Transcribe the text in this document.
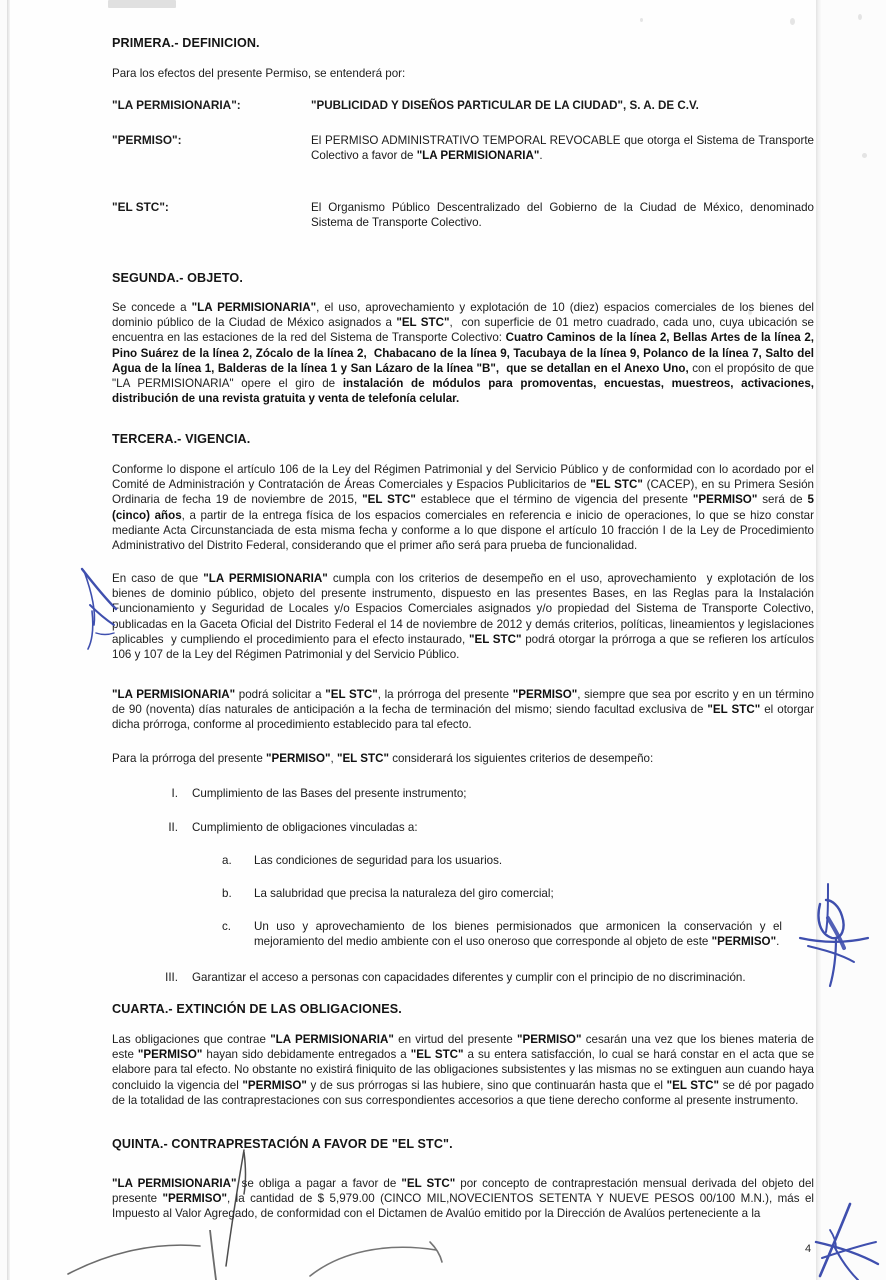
PRIMERA.- DEFINICION.
Para los efectos del presente Permiso, se entenderá por:
"LA PERMISIONARIA":	"PUBLICIDAD Y DISEÑOS PARTICULAR DE LA CIUDAD", S. A. DE C.V.
"PERMISO":	El PERMISO ADMINISTRATIVO TEMPORAL REVOCABLE que otorga el Sistema de Transporte Colectivo a favor de "LA PERMISIONARIA".
"EL STC":	El Organismo Público Descentralizado del Gobierno de la Ciudad de México, denominado Sistema de Transporte Colectivo.
SEGUNDA.- OBJETO.
Se concede a "LA PERMISIONARIA", el uso, aprovechamiento y explotación de 10 (diez) espacios comerciales de los bienes del dominio público de la Ciudad de México asignados a "EL STC",  con superficie de 01 metro cuadrado, cada uno, cuya ubicación se encuentra en las estaciones de la red del Sistema de Transporte Colectivo: Cuatro Caminos de la línea 2, Bellas Artes de la línea 2, Pino Suárez de la línea 2, Zócalo de la línea 2,  Chabacano de la línea 9, Tacubaya de la línea 9, Polanco de la línea 7, Salto del Agua de la línea 1, Balderas de la línea 1 y San Lázaro de la línea "B",  que se detallan en el Anexo Uno, con el propósito de que "LA PERMISIONARIA" opere el giro de instalación de módulos para promoventas, encuestas, muestreos, activaciones, distribución de una revista gratuita y venta de telefonía celular.
TERCERA.- VIGENCIA.
Conforme lo dispone el artículo 106 de la Ley del Régimen Patrimonial y del Servicio Público y de conformidad con lo acordado por el Comité de Administración y Contratación de Áreas Comerciales y Espacios Publicitarios de "EL STC" (CACEP), en su Primera Sesión Ordinaria de fecha 19 de noviembre de 2015, "EL STC" establece que el término de vigencia del presente "PERMISO" será de 5 (cinco) años, a partir de la entrega física de los espacios comerciales en referencia e inicio de operaciones, lo que se hizo constar mediante Acta Circunstanciada de esta misma fecha y conforme a lo que dispone el artículo 10 fracción I de la Ley de Procedimiento Administrativo del Distrito Federal, considerando que el primer año será para prueba de funcionalidad.
En caso de que "LA PERMISIONARIA" cumpla con los criterios de desempeño en el uso, aprovechamiento  y explotación de los bienes de dominio público, objeto del presente instrumento, dispuesto en las presentes Bases, en las Reglas para la Instalación Funcionamiento y Seguridad de Locales y/o Espacios Comerciales asignados y/o propiedad del Sistema de Transporte Colectivo, publicadas en la Gaceta Oficial del Distrito Federal el 14 de noviembre de 2012 y demás criterios, políticas, lineamientos y legislaciones aplicables  y cumpliendo el procedimiento para el efecto instaurado, "EL STC" podrá otorgar la prórroga a que se refieren los artículos 106 y 107 de la Ley del Régimen Patrimonial y del Servicio Público.
"LA PERMISIONARIA" podrá solicitar a "EL STC", la prórroga del presente "PERMISO", siempre que sea por escrito y en un término de 90 (noventa) días naturales de anticipación a la fecha de terminación del mismo; siendo facultad exclusiva de "EL STC" el otorgar dicha prórroga, conforme al procedimiento establecido para tal efecto.
Para la prórroga del presente "PERMISO", "EL STC" considerará los siguientes criterios de desempeño:
I. Cumplimiento de las Bases del presente instrumento;
II. Cumplimiento de obligaciones vinculadas a:
a.	Las condiciones de seguridad para los usuarios.
b.	La salubridad que precisa la naturaleza del giro comercial;
c.	Un uso y aprovechamiento de los bienes permisionados que armonicen la conservación y el mejoramiento del medio ambiente con el uso oneroso que corresponde al objeto de este "PERMISO".
III. Garantizar el acceso a personas con capacidades diferentes y cumplir con el principio de no discriminación.
CUARTA.- EXTINCIÓN DE LAS OBLIGACIONES.
Las obligaciones que contrae "LA PERMISIONARIA" en virtud del presente "PERMISO" cesarán una vez que los bienes materia de este "PERMISO" hayan sido debidamente entregados a "EL STC" a su entera satisfacción, lo cual se hará constar en el acta que se elabore para tal efecto. No obstante no existirá finiquito de las obligaciones subsistentes y las mismas no se extinguen aun cuando haya concluido la vigencia del "PERMISO" y de sus prórrogas si las hubiere, sino que continuarán hasta que el "EL STC" se dé por pagado de la totalidad de las contraprestaciones con sus correspondientes accesorios a que tiene derecho conforme al presente instrumento.
QUINTA.- CONTRAPRESTACIÓN A FAVOR DE "EL STC".
"LA PERMISIONARIA" se obliga a pagar a favor de "EL STC" por concepto de contraprestación mensual derivada del objeto del presente "PERMISO", la cantidad de $ 5,979.00 (CINCO MIL,NOVECIENTOS SETENTA Y NUEVE PESOS 00/100 M.N.), más el Impuesto al Valor Agregado, de conformidad con el Dictamen de Avalúo emitido por la Dirección de Avalúos perteneciente a la
4
